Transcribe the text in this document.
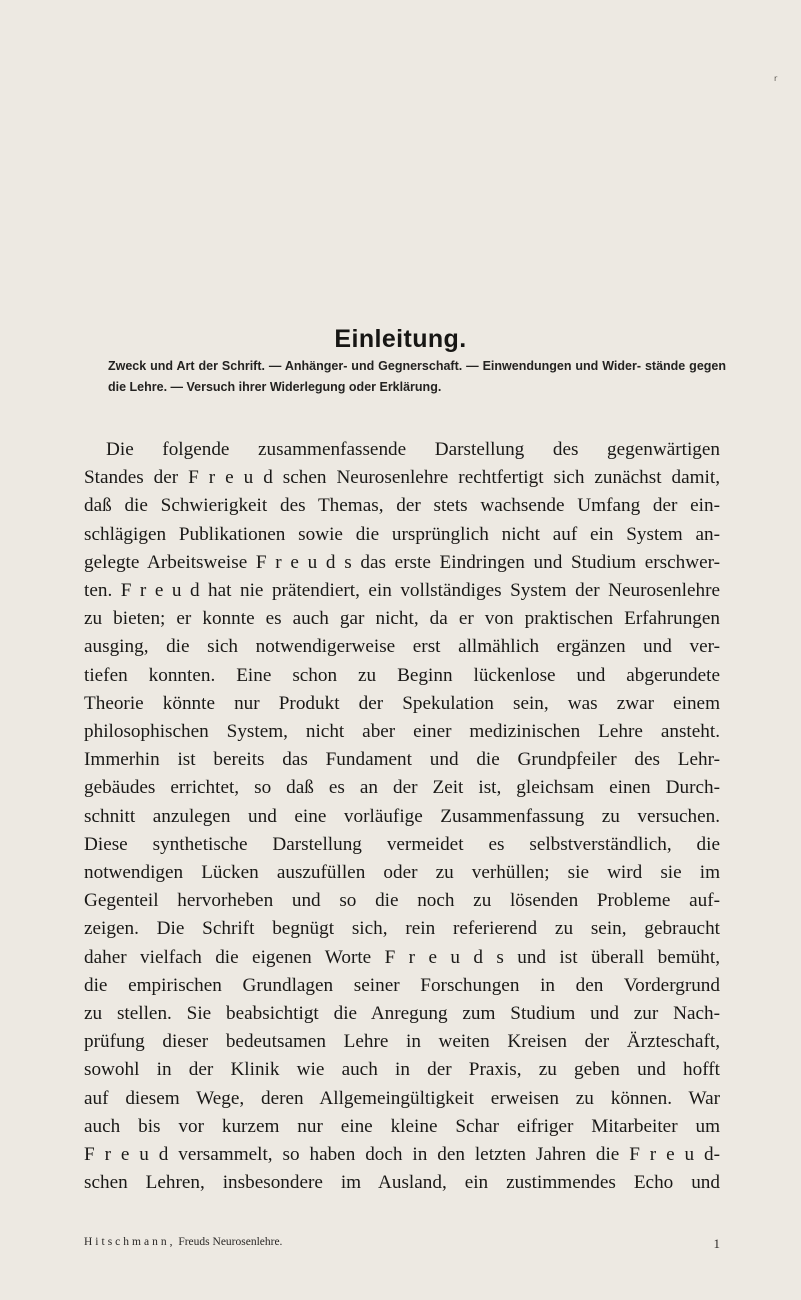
r
Einleitung.

Zweck und Art der Schrift. — Anhänger- und Gegnerschaft. — Einwendungen und Wider- stände gegen die Lehre. — Versuch ihrer Widerlegung oder Erklärung.

Die folgende zusammenfassende Darstellung des gegenwärtigen
Standes der F r e u d schen Neurosenlehre rechtfertigt sich zunächst damit,
daß die Schwierigkeit des Themas, der stets wachsende Umfang der ein-
schlägigen Publikationen sowie die ursprünglich nicht auf ein System an-
gelegte Arbeitsweise F r e u d s das erste Eindringen und Studium erschwer-
ten. F r e u d hat nie prätendiert, ein vollständiges System der Neurosenlehre
zu bieten; er konnte es auch gar nicht, da er von praktischen Erfahrungen
ausging, die sich notwendigerweise erst allmählich ergänzen und ver-
tiefen konnten. Eine schon zu Beginn lückenlose und abgerundete
Theorie könnte nur Produkt der Spekulation sein, was zwar einem
philosophischen System, nicht aber einer medizinischen Lehre ansteht.
Immerhin ist bereits das Fundament und die Grundpfeiler des Lehr-
gebäudes errichtet, so daß es an der Zeit ist, gleichsam einen Durch-
schnitt anzulegen und eine vorläufige Zusammenfassung zu versuchen.
Diese synthetische Darstellung vermeidet es selbstverständlich, die
notwendigen Lücken auszufüllen oder zu verhüllen; sie wird sie im
Gegenteil hervorheben und so die noch zu lösenden Probleme auf-
zeigen. Die Schrift begnügt sich, rein referierend zu sein, gebraucht
daher vielfach die eigenen Worte F r e u d s und ist überall bemüht,
die empirischen Grundlagen seiner Forschungen in den Vordergrund
zu stellen. Sie beabsichtigt die Anregung zum Studium und zur Nach-
prüfung dieser bedeutsamen Lehre in weiten Kreisen der Ärzteschaft,
sowohl in der Klinik wie auch in der Praxis, zu geben und hofft
auf diesem Wege, deren Allgemeingültigkeit erweisen zu können. War
auch bis vor kurzem nur eine kleine Schar eifriger Mitarbeiter um
F r e u d versammelt, so haben doch in den letzten Jahren die F r e u d-
schen Lehren, insbesondere im Ausland, ein zustimmendes Echo und
Hitschmann, Freuds Neurosenlehre.	1
